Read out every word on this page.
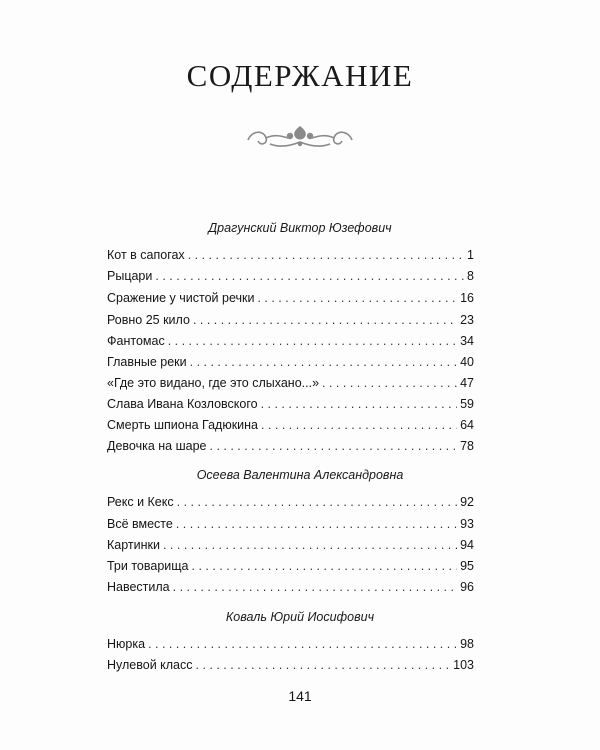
СОДЕРЖАНИЕ
Драгунский Виктор Юзефович
Кот в сапогах . . .	1
Рыцари . . .	8
Сражение у чистой речки . . .	16
Ровно 25 кило . . .	23
Фантомас . . .	34
Главные реки . . .	40
«Где это видано, где это слыхано...» . . .	47
Слава Ивана Козловского . . .	59
Смерть шпиона Гадюкина . . .	64
Девочка на шаре . . .	78
Осеева Валентина Александровна
Рекс и Кекс . . .	92
Всё вместе . . .	93
Картинки . . .	94
Три товарища . . .	95
Навестила . . .	96
Коваль Юрий Иосифович
Нюрка . . .	98
Нулевой класс . . .	103
141
